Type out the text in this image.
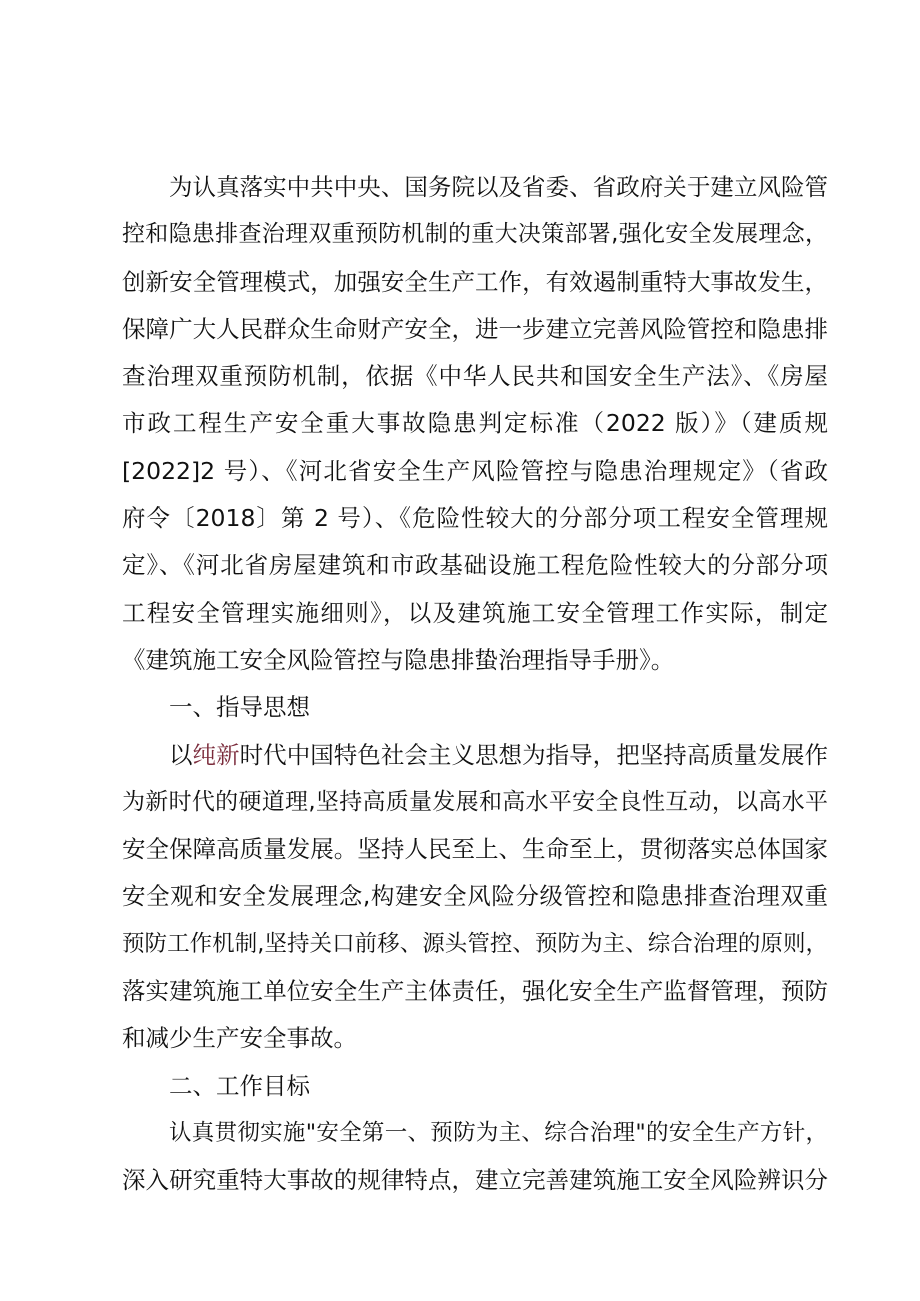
为认真落实中共中央、国务院以及省委、省政府关于建立风险管
控和隐患排查治理双重预防机制的重大决策部署,强化安全发展理念，
创新安全管理模式，加强安全生产工作，有效遏制重特大事故发生，
保障广大人民群众生命财产安全，进一步建立完善风险管控和隐患排
查治理双重预防机制，依据《中华人民共和国安全生产法》、《房屋
市政工程生产安全重大事故隐患判定标准（2022 版）》（建质规
[2022]2 号）、《河北省安全生产风险管控与隐患治理规定》（省政
府令〔2018〕第 2 号）、《危险性较大的分部分项工程安全管理规
定》、《河北省房屋建筑和市政基础设施工程危险性较大的分部分项
工程安全管理实施细则》，以及建筑施工安全管理工作实际，制定
《建筑施工安全风险管控与隐患排蛰治理指导手册》。
一、指导思想
以纯新时代中国特色社会主义思想为指导，把坚持高质量发展作
为新时代的硬道理,坚持高质量发展和高水平安全良性互动，以高水平
安全保障高质量发展。坚持人民至上、生命至上，贯彻落实总体国家
安全观和安全发展理念,构建安全风险分级管控和隐患排查治理双重
预防工作机制,坚持关口前移、源头管控、预防为主、综合治理的原则，
落实建筑施工单位安全生产主体责任，强化安全生产监督管理，预防
和减少生产安全事故。
二、工作目标
认真贯彻实施"安全第一、预防为主、综合治理"的安全生产方针，
深入研究重特大事故的规律特点，建立完善建筑施工安全风险辨识分
